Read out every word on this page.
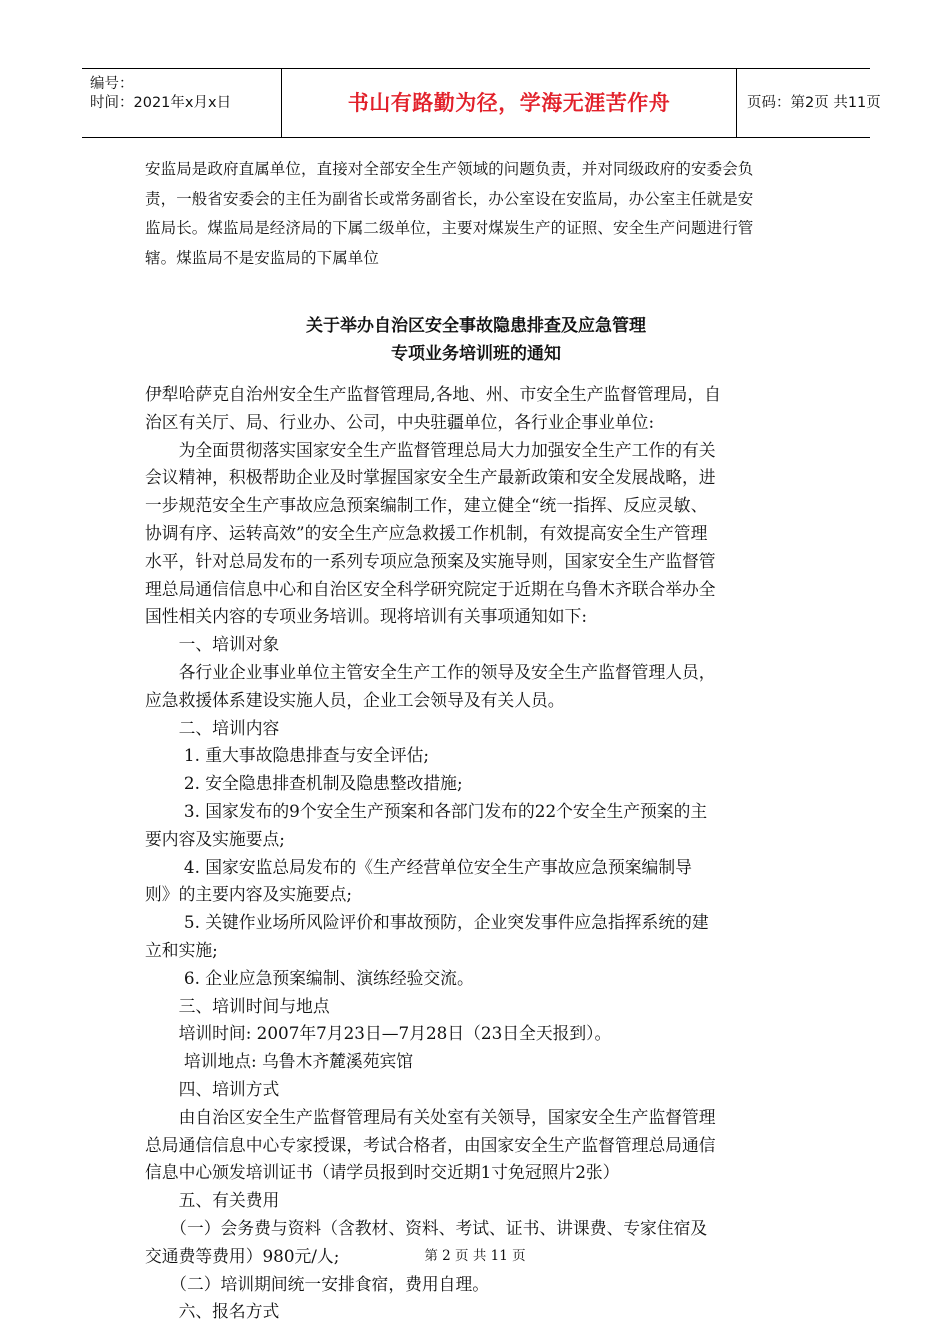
编号：
时间：2021年x月x日	书山有路勤为径，学海无涯苦作舟	页码：第2页 共11页
安监局是政府直属单位，直接对全部安全生产领域的问题负责，并对同级政府的安委会负
责，一般省安委会的主任为副省长或常务副省长，办公室设在安监局，办公室主任就是安
监局长。煤监局是经济局的下属二级单位，主要对煤炭生产的证照、安全生产问题进行管
辖。煤监局不是安监局的下属单位
关于举办自治区安全事故隐患排查及应急管理
专项业务培训班的通知
伊犁哈萨克自治州安全生产监督管理局,各地、州、市安全生产监督管理局，自
治区有关厅、局、行业办、公司，中央驻疆单位，各行业企事业单位:
　　为全面贯彻落实国家安全生产监督管理总局大力加强安全生产工作的有关
会议精神，积极帮助企业及时掌握国家安全生产最新政策和安全发展战略，进
一步规范安全生产事故应急预案编制工作，建立健全“统一指挥、反应灵敏、
协调有序、运转高效”的安全生产应急救援工作机制，有效提高安全生产管理
水平，针对总局发布的一系列专项应急预案及实施导则，国家安全生产监督管
理总局通信信息中心和自治区安全科学研究院定于近期在乌鲁木齐联合举办全
国性相关内容的专项业务培训。现将培训有关事项通知如下:
　　一、培训对象
　　各行业企业事业单位主管安全生产工作的领导及安全生产监督管理人员，
应急救援体系建设实施人员，企业工会领导及有关人员。
　　二、培训内容
　　 1. 重大事故隐患排查与安全评估;
　　 2. 安全隐患排查机制及隐患整改措施;
　　 3. 国家发布的9个安全生产预案和各部门发布的22个安全生产预案的主
要内容及实施要点;
　　 4. 国家安监总局发布的《生产经营单位安全生产事故应急预案编制导
则》的主要内容及实施要点;
　　 5. 关键作业场所风险评价和事故预防，企业突发事件应急指挥系统的建
立和实施;
　　 6. 企业应急预案编制、演练经验交流。
　　三、培训时间与地点
　　培训时间: 2007年7月23日—7月28日（23日全天报到）。
　　 培训地点: 乌鲁木齐麓溪苑宾馆
　　四、培训方式
　　由自治区安全生产监督管理局有关处室有关领导，国家安全生产监督管理
总局通信信息中心专家授课，考试合格者，由国家安全生产监督管理总局通信
信息中心颁发培训证书（请学员报到时交近期1寸免冠照片2张）
　　五、有关费用
　　（一）会务费与资料（含教材、资料、考试、证书、讲课费、专家住宿及
交通费等费用）980元/人;
　　（二）培训期间统一安排食宿，费用自理。
　　六、报名方式
第 2 页 共 11 页
